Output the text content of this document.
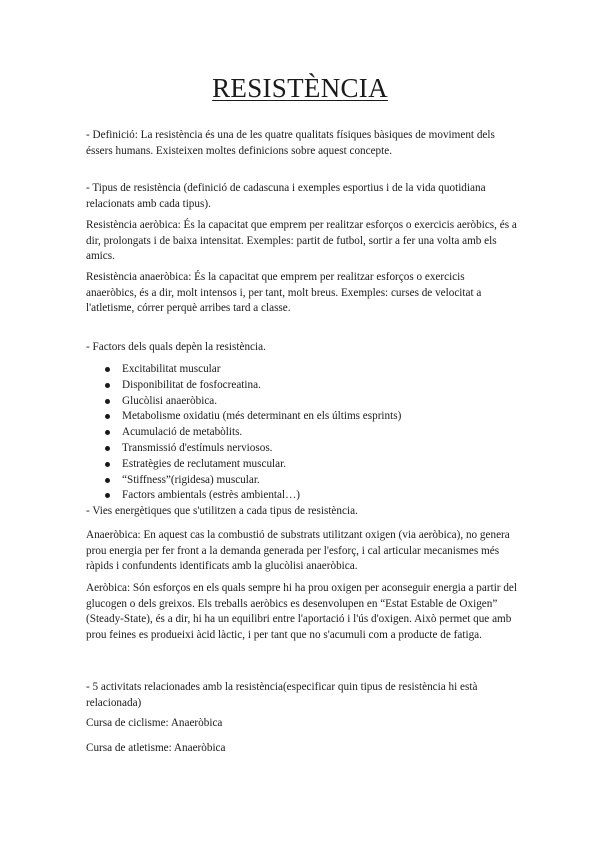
RESISTÈNCIA

- Definició: La resistència és una de les quatre qualitats físiques bàsiques de moviment dels éssers humans. Existeixen moltes definicions sobre aquest concepte.

- Tipus de resistència (definició de cadascuna i exemples esportius i de la vida quotidiana relacionats amb cada tipus).

Resistència aeròbica: És la capacitat que emprem per realitzar esforços o exercicis aeròbics, és a dir, prolongats i de baixa intensitat. Exemples: partit de futbol, sortir a fer una volta amb els amics.

Resistència anaeròbica: És la capacitat que emprem per realitzar esforços o exercicis anaeròbics, és a dir, molt intensos i, per tant, molt breus. Exemples: curses de velocitat a l'atletisme, córrer perquè arribes tard a classe.

- Factors dels quals depèn la resistència.

Excitabilitat muscular
Disponibilitat de fosfocreatina.
Glucòlisi anaeròbica.
Metabolisme oxidatiu (més determinant en els últims esprints)
Acumulació de metabòlits.
Transmissió d'estímuls nerviosos.
Estratègies de reclutament muscular.
“Stiffness”(rigidesa) muscular.
Factors ambientals (estrès ambiental…)

- Vies energètiques que s'utilitzen a cada tipus de resistència.

Anaeròbica: En aquest cas la combustió de substrats utilitzant oxigen (via aeròbica), no genera prou energia per fer front a la demanda generada per l'esforç, i cal articular mecanismes més ràpids i confundents identificats amb la glucòlisi anaeròbica.

Aeròbica: Són esforços en els quals sempre hi ha prou oxigen per aconseguir energia a partir del glucogen o dels greixos. Els treballs aeròbics es desenvolupen en “Estat Estable de Oxigen” (Steady-State), és a dir, hi ha un equilibri entre l'aportació i l'ús d'oxigen. Això permet que amb prou feines es produeixi àcid làctic, i per tant que no s'acumuli com a producte de fatiga.

- 5 activitats relacionades amb la resistència(especificar quin tipus de resistència hi està relacionada)

Cursa de ciclisme: Anaeròbica

Cursa de atletisme: Anaeròbica
